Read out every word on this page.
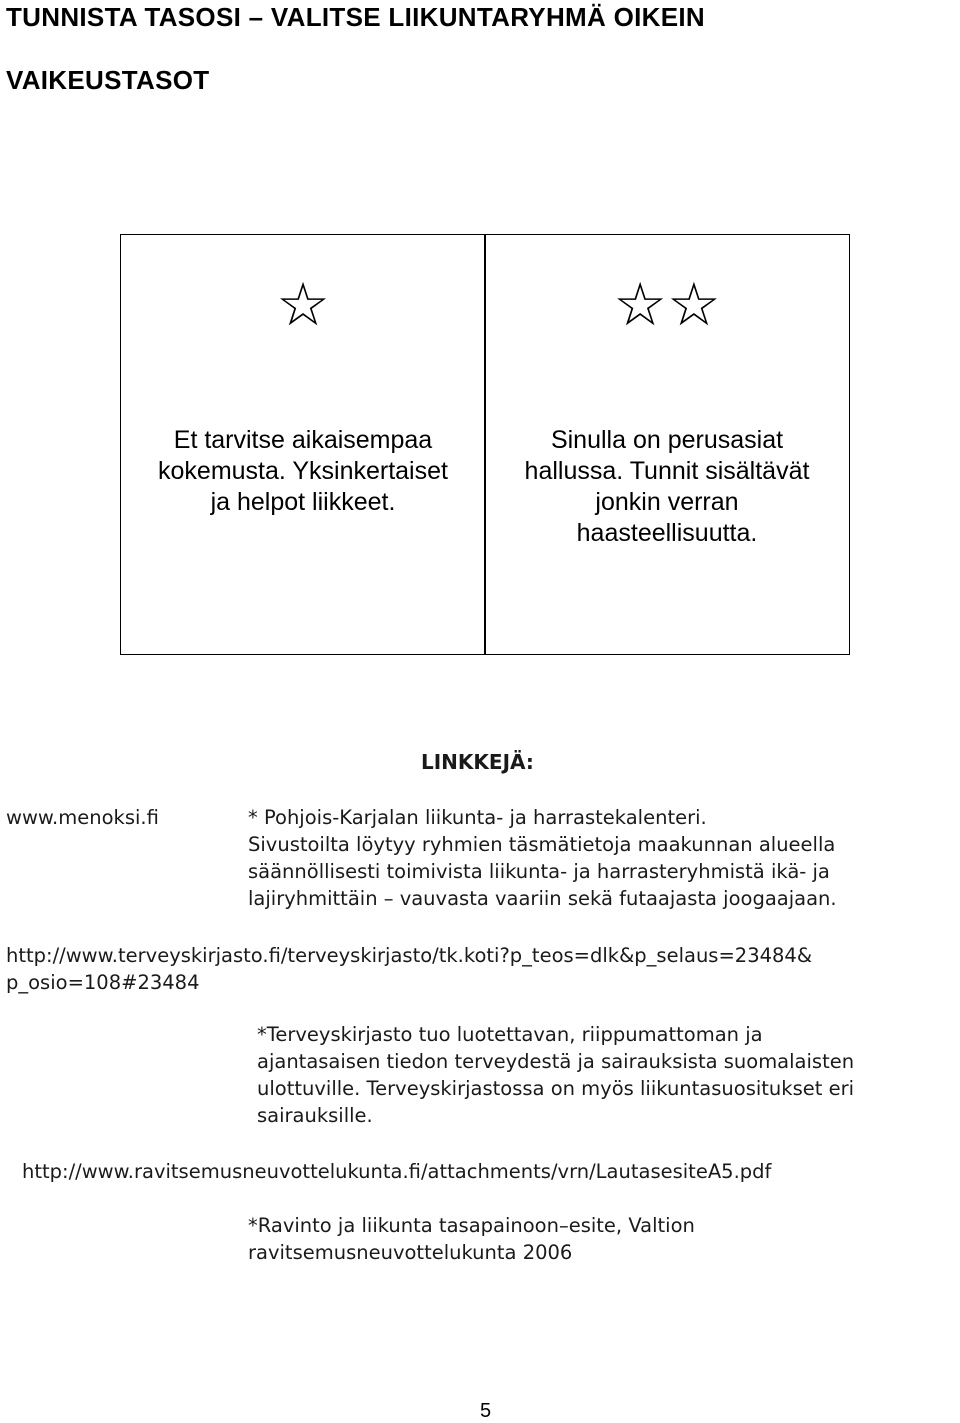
TUNNISTA TASOSI – VALITSE LIIKUNTARYHMÄ OIKEIN
VAIKEUSTASOT
☆
Et tarvitse aikaisempaa
kokemusta. Yksinkertaiset
ja helpot liikkeet.
☆☆
Sinulla on perusasiat
hallussa. Tunnit sisältävät
jonkin verran
haasteellisuutta.
LINKKEJÄ:
www.menoksi.fi	* Pohjois-Karjalan liikunta- ja harrastekalenteri.
Sivustoilta löytyy ryhmien täsmätietoja maakunnan alueella
säännöllisesti toimivista liikunta- ja harrasteryhmistä ikä- ja
lajiryhmittäin – vauvasta vaariin sekä futaajasta joogaajaan.
http://www.terveyskirjasto.fi/terveyskirjasto/tk.koti?p_teos=dlk&p_selaus=23484&
p_osio=108#23484
*Terveyskirjasto tuo luotettavan, riippumattoman ja
ajantasaisen tiedon terveydestä ja sairauksista suomalaisten
ulottuville. Terveyskirjastossa on myös liikuntasuositukset eri
sairauksille.
http://www.ravitsemusneuvottelukunta.fi/attachments/vrn/LautasesiteA5.pdf
*Ravinto ja liikunta tasapainoon–esite, Valtion
ravitsemusneuvottelukunta 2006
5
